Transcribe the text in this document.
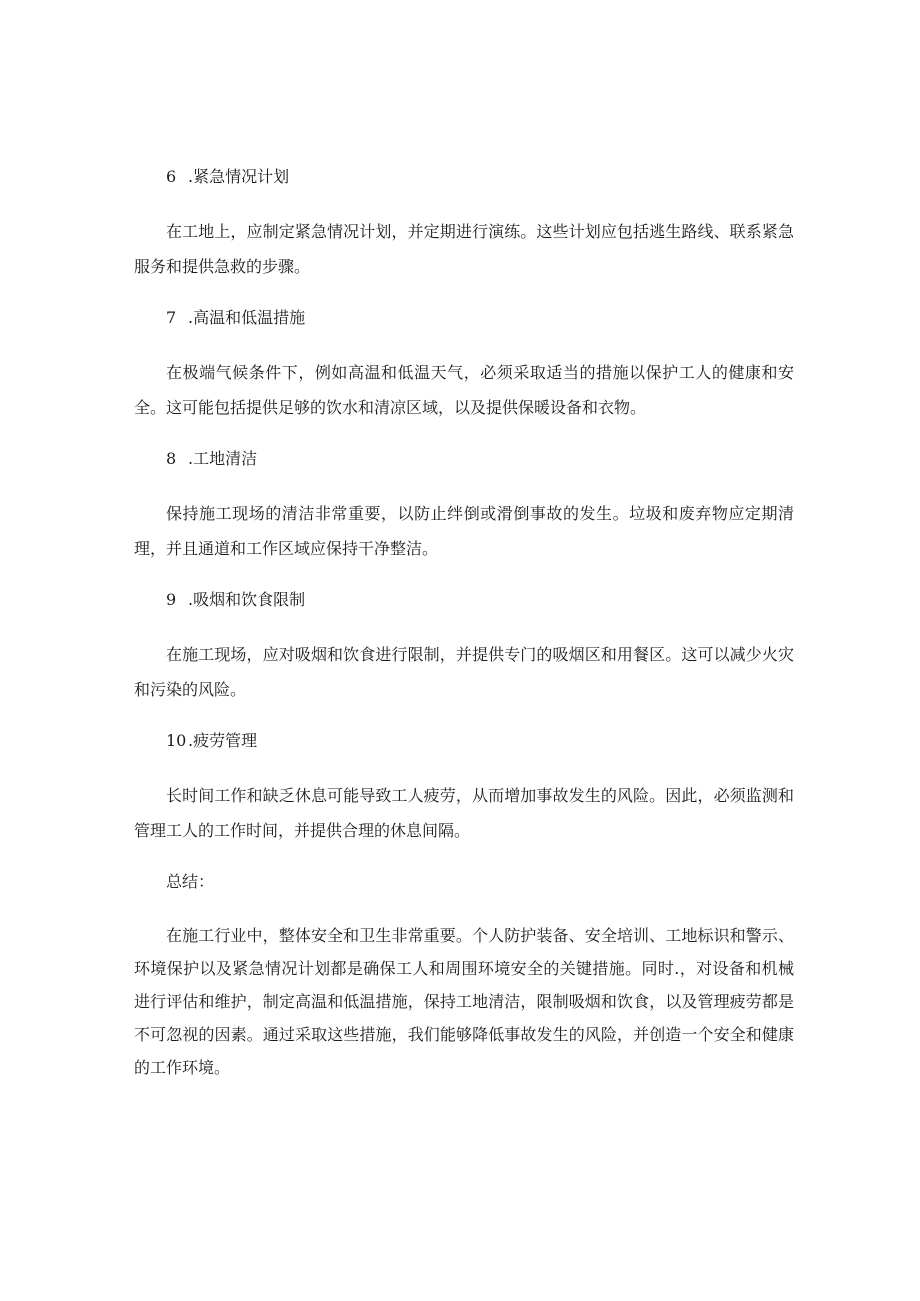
6 .紧急情况计划

在工地上，应制定紧急情况计划，并定期进行演练。这些计划应包括逃生路线、联系紧急服务和提供急救的步骤。

7 .高温和低温措施

在极端气候条件下，例如高温和低温天气，必须采取适当的措施以保护工人的健康和安全。这可能包括提供足够的饮水和清凉区域，以及提供保暖设备和衣物。

8 .工地清洁

保持施工现场的清洁非常重要，以防止绊倒或滑倒事故的发生。垃圾和废弃物应定期清理，并且通道和工作区域应保持干净整洁。

9 .吸烟和饮食限制

在施工现场，应对吸烟和饮食进行限制，并提供专门的吸烟区和用餐区。这可以减少火灾和污染的风险。

10 .疲劳管理

长时间工作和缺乏休息可能导致工人疲劳，从而增加事故发生的风险。因此，必须监测和管理工人的工作时间，并提供合理的休息间隔。

总结：

在施工行业中，整体安全和卫生非常重要。个人防护装备、安全培训、工地标识和警示、环境保护以及紧急情况计划都是确保工人和周围环境安全的关键措施。同时.，对设备和机械进行评估和维护，制定高温和低温措施，保持工地清洁，限制吸烟和饮食，以及管理疲劳都是不可忽视的因素。通过采取这些措施，我们能够降低事故发生的风险，并创造一个安全和健康的工作环境。
